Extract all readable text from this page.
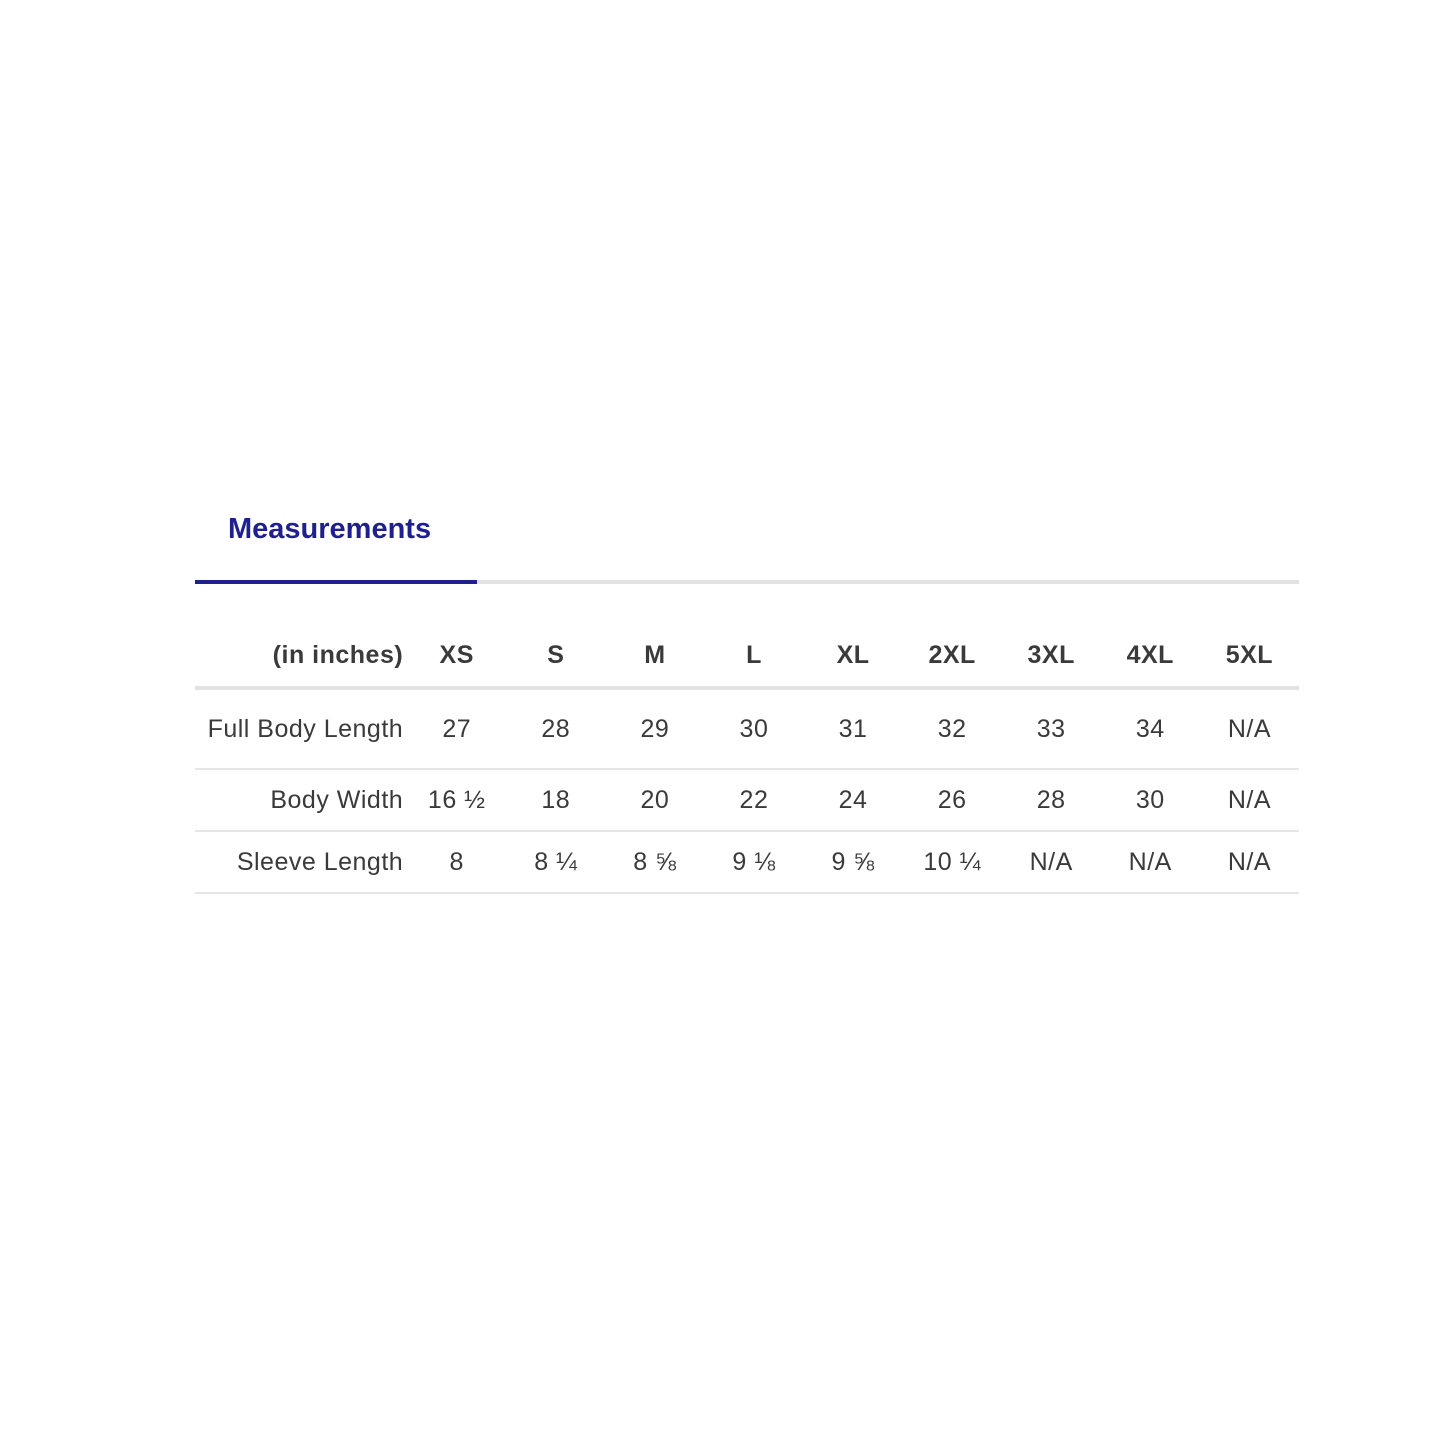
Measurements
(in inches)	XS	S	M	L	XL	2XL	3XL	4XL	5XL
Full Body Length	27	28	29	30	31	32	33	34	N/A
Body Width	16 ½	18	20	22	24	26	28	30	N/A
Sleeve Length	8	8 ¼	8 ⅝	9 ⅛	9 ⅝	10 ¼	N/A	N/A	N/A
